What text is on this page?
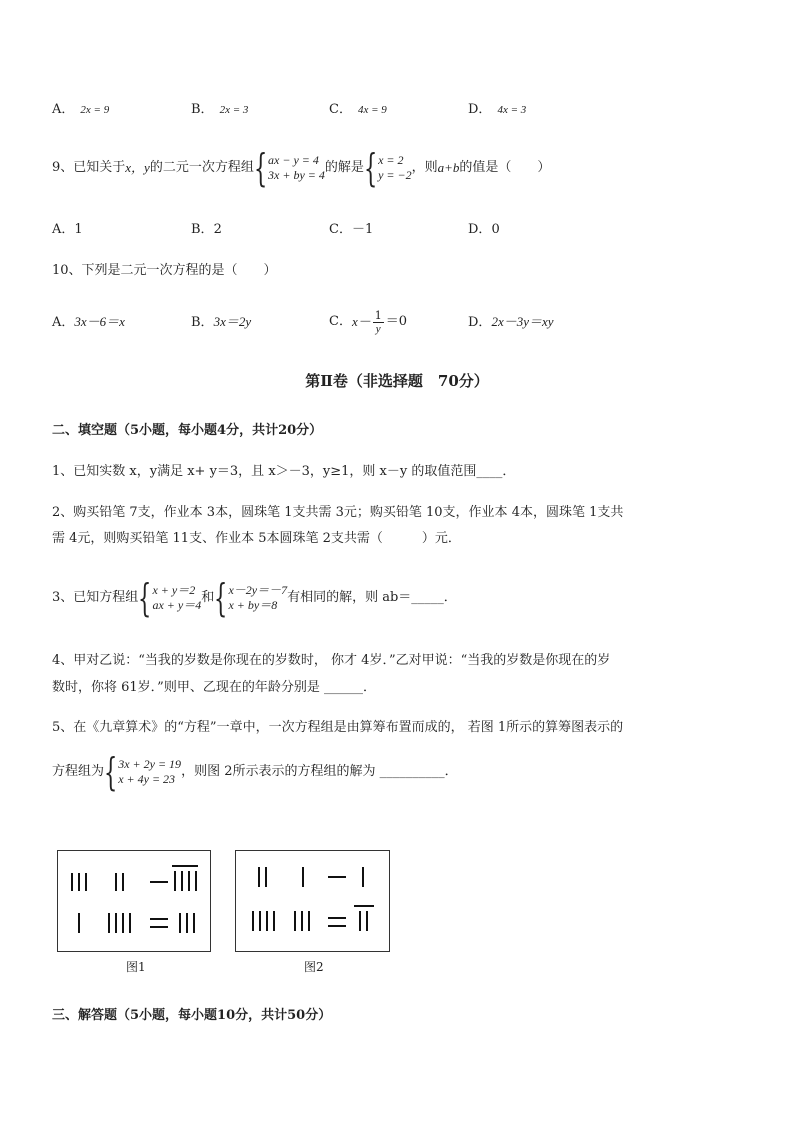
A． 2x = 9	B． 2x = 3	C． 4x = 9	D． 4x = 3
9、已知关于 x，y 的二元一次方程组 { ax − y = 4
3x + by = 4 的解是 { x = 2
y = −2 ，则 a+b 的值是（　　）
A．1	B．2	C．－1	D．0
10、下列是二元一次方程的是（　　）
A．3x－6＝x	B．3x＝2y	C． $x- \frac{1}{y} =0$	D．2x－3y＝xy
第Ⅱ卷（非选择题　70分）
二、填空题（5小题，每小题4分，共计20分）
1、已知实数 x，y满足 x+ y＝3，且 x＞－3，y≥1，则 x－y 的取值范围____．
2、购买铅笔 7支，作业本 3本，圆珠笔 1支共需 3元；购买铅笔 10支，作业本 4本，圆珠笔 1支共
需 4元，则购买铅笔 11支、作业本 5本圆珠笔 2支共需（　　　）元．
3、已知方程组 { x + y＝2
ax + y＝4 和 { x－2y＝－7
x + by＝8 有相同的解，则 ab＝_____．
4、甲对乙说：“当我的岁数是你现在的岁数时， 你才 4岁．”乙对甲说：“当我的岁数是你现在的岁
数时，你将 61岁．”则甲、乙现在的年龄分别是 ______．
5、在《九章算术》的“方程”一章中，一次方程组是由算筹布置而成的， 若图 1所示的算筹图表示的
方程组为 { 3x + 2y = 19
x + 4y = 23 ，则图 2所示表示的方程组的解为 __________．
图1	图2
三、解答题（5小题，每小题10分，共计50分）
